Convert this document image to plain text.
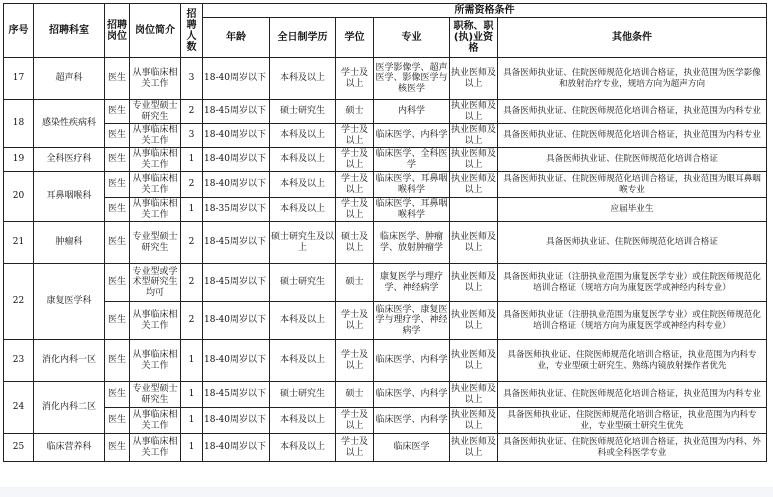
序号	招聘科室	招聘岗位	岗位简介	招聘人数	所需资格条件					
					年龄	全日制学历	学位	专业	职称、职(执)业资格	其他条件
17	超声科	医生	从事临床相关工作	3	18-40周岁以下	本科及以上	学士及以上	医学影像学、超声医学、影像医学与核医学	执业医师及以上	具备医师执业证、住院医师规范化培训合格证，执业范围为医学影像和放射治疗专业，规培方向为超声方向
18	感染性疾病科	医生	专业型硕士研究生	2	18-45周岁以下	硕士研究生	硕士	内科学	执业医师及以上	具备医师执业证、住院医师规范化培训合格证，执业范围为内科专业
		医生	从事临床相关工作	3	18-40周岁以下	本科及以上	学士及以上	临床医学、内科学	执业医师及以上	具备医师执业证、住院医师规范化培训合格证，执业范围为内科专业
19	全科医疗科	医生	从事临床相关工作	1	18-40周岁以下	本科及以上	学士及以上	临床医学、全科医学	执业医师及以上	具备医师执业证、住院医师规范化培训合格证
20	耳鼻咽喉科	医生	从事临床相关工作	2	18-40周岁以下	本科及以上	学士及以上	临床医学、耳鼻咽喉科学	执业医师及以上	具备医师执业证、住院医师规范化培训合格证，执业范围为眼耳鼻咽喉专业
		医生	从事临床相关工作	1	18-35周岁以下	本科及以上	学士及以上	临床医学、耳鼻咽喉科学		应届毕业生
21	肿瘤科	医生	专业型硕士研究生	2	18-45周岁以下	硕士研究生及以上	硕士及以上	临床医学、肿瘤学、放射肿瘤学	执业医师及以上	具备医师执业证、住院医师规范化培训合格证
22	康复医学科	医生	专业型或学术型研究生均可	2	18-45周岁以下	硕士研究生	硕士	康复医学与理疗学、神经病学	执业医师及以上	具备医师执业证（注册执业范围为康复医学专业）或住院医师规范化培训合格证（规培方向为康复医学或神经内科专业）
		医生	从事临床相关工作	2	18-40周岁以下	本科及以上	学士及以上	临床医学、康复医学与理疗学、神经病学	执业医师及以上	具备医师执业证（注册执业范围为康复医学专业）或住院医师规范化培训合格证（规培方向为康复医学或神经内科专业）
23	消化内科一区	医生	从事临床相关工作	1	18-40周岁以下	本科及以上	学士及以上	临床医学、内科学	执业医师及以上	具备医师执业证、住院医师规范化培训合格证，执业范围为内科专业，专业型硕士研究生、熟练内镜放射操作者优先
24	消化内科二区	医生	专业型硕士研究生	1	18-45周岁以下	硕士研究生	硕士	临床医学、内科学	执业医师及以上	具备医师执业证、住院医师规范化培训合格证，执业范围为内科专业
		医生	从事临床相关工作	1	18-40周岁以下	本科及以上	学士及以上	临床医学、内科学	执业医师及以上	具备医师执业证、住院医师规范化培训合格证，执业范围为内科专业，专业型硕士研究生优先
25	临床营养科	医生	从事临床相关工作	1	18-40周岁以下	本科及以上	学士及以上	临床医学	执业医师及以上	具备医师执业证、住院医师规范化培训合格证，执业范围为内科、外科或全科医学专业
